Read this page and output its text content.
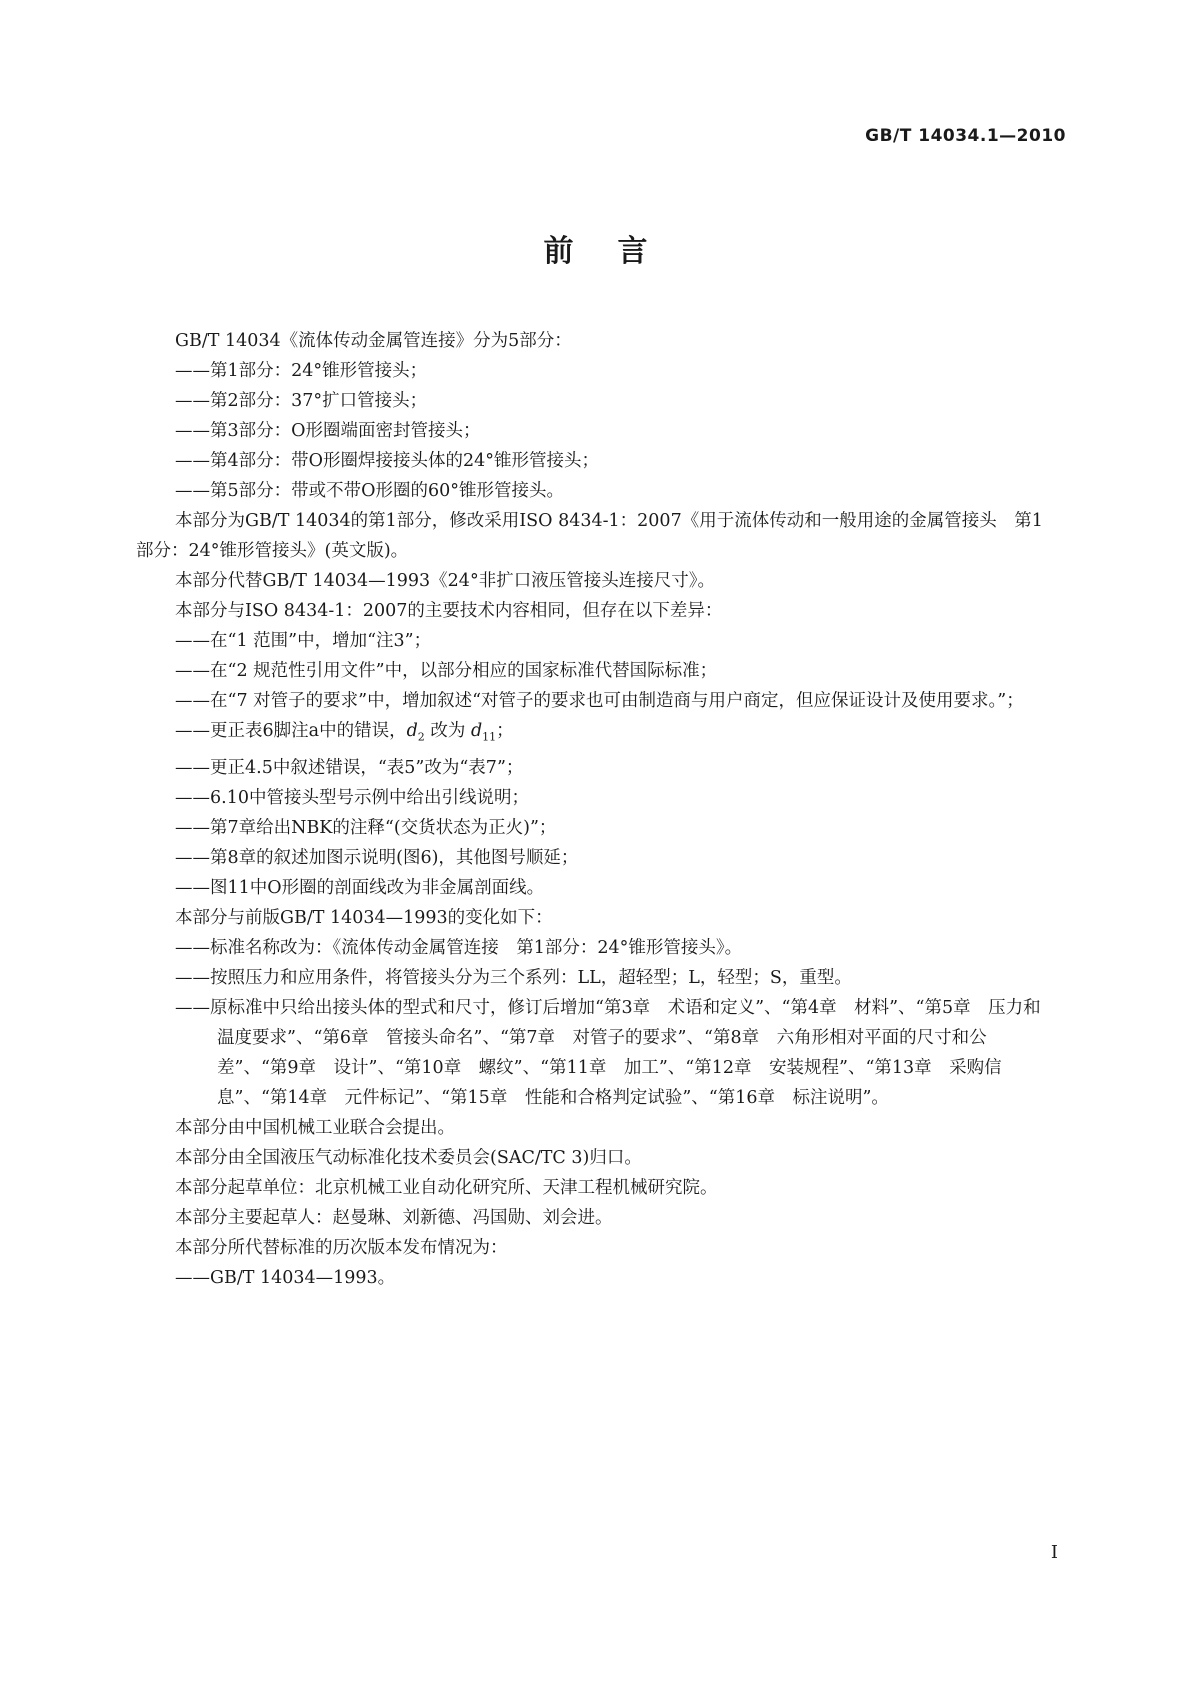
GB/T 14034.1—2010
前言

GB/T 14034《流体传动金属管连接》分为5部分：

——第1部分：24°锥形管接头；

——第2部分：37°扩口管接头；

——第3部分：O形圈端面密封管接头；

——第4部分：带O形圈焊接接头体的24°锥形管接头；

——第5部分：带或不带O形圈的60°锥形管接头。

本部分为GB/T 14034的第1部分，修改采用ISO 8434-1：2007《用于流体传动和一般用途的金属管接头　第1部分：24°锥形管接头》(英文版)。

本部分代替GB/T 14034—1993《24°非扩口液压管接头连接尺寸》。

本部分与ISO 8434-1：2007的主要技术内容相同，但存在以下差异：

——在“1 范围”中，增加“注3”；

——在“2 规范性引用文件”中，以部分相应的国家标准代替国际标准；

——在“7 对管子的要求”中，增加叙述“对管子的要求也可由制造商与用户商定，但应保证设计及使用要求。”；

——更正表6脚注a中的错误，$d_2$ 改为 $d_{11}$；

——更正4.5中叙述错误，“表5”改为“表7”；

——6.10中管接头型号示例中给出引线说明；

——第7章给出NBK的注释“(交货状态为正火)”；

——第8章的叙述加图示说明(图6)，其他图号顺延；

——图11中O形圈的剖面线改为非金属剖面线。

本部分与前版GB/T 14034—1993的变化如下：

——标准名称改为：《流体传动金属管连接　第1部分：24°锥形管接头》。

——按照压力和应用条件，将管接头分为三个系列：LL，超轻型；L，轻型；S，重型。

——原标准中只给出接头体的型式和尺寸，修订后增加“第3章　术语和定义”、“第4章　材料”、“第5章　压力和温度要求”、“第6章　管接头命名”、“第7章　对管子的要求”、“第8章　六角形相对平面的尺寸和公差”、“第9章　设计”、“第10章　螺纹”、“第11章　加工”、“第12章　安装规程”、“第13章　采购信息”、“第14章　元件标记”、“第15章　性能和合格判定试验”、“第16章　标注说明”。

本部分由中国机械工业联合会提出。

本部分由全国液压气动标准化技术委员会(SAC/TC 3)归口。

本部分起草单位：北京机械工业自动化研究所、天津工程机械研究院。

本部分主要起草人：赵曼琳、刘新德、冯国勋、刘会进。

本部分所代替标准的历次版本发布情况为：

——GB/T 14034—1993。

I
